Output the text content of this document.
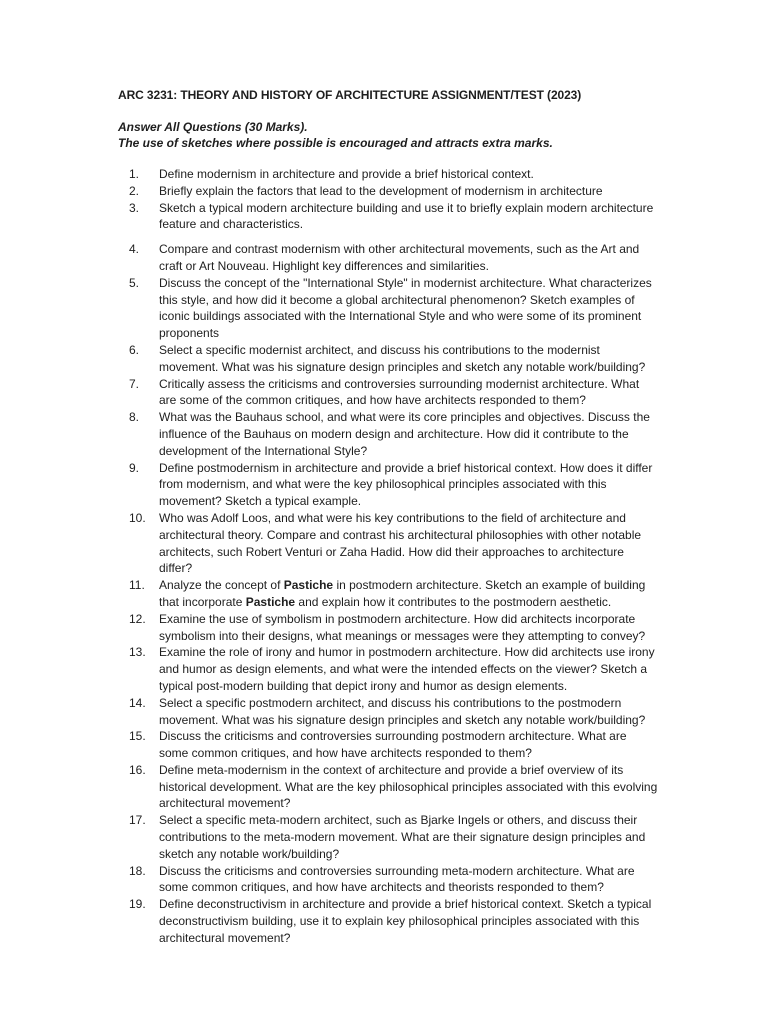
ARC 3231: THEORY AND HISTORY OF ARCHITECTURE ASSIGNMENT/TEST (2023)
Answer All Questions (30 Marks).
The use of sketches where possible is encouraged and attracts extra marks.
1.	Define modernism in architecture and provide a brief historical context.
2.	Briefly explain the factors that lead to the development of modernism in architecture
3.	Sketch a typical modern architecture building and use it to briefly explain modern architecture feature and characteristics.
4.	Compare and contrast modernism with other architectural movements, such as the Art and craft or Art Nouveau. Highlight key differences and similarities.
5.	Discuss the concept of the "International Style" in modernist architecture. What characterizes this style, and how did it become a global architectural phenomenon? Sketch examples of iconic buildings associated with the International Style and who were some of its prominent proponents
6.	Select a specific modernist architect, and discuss his contributions to the modernist movement. What was his signature design principles and sketch any notable work/building?
7.	Critically assess the criticisms and controversies surrounding modernist architecture. What are some of the common critiques, and how have architects responded to them?
8.	What was the Bauhaus school, and what were its core principles and objectives. Discuss the influence of the Bauhaus on modern design and architecture. How did it contribute to the development of the International Style?
9.	Define postmodernism in architecture and provide a brief historical context. How does it differ from modernism, and what were the key philosophical principles associated with this movement? Sketch a typical example.
10.	Who was Adolf Loos, and what were his key contributions to the field of architecture and architectural theory. Compare and contrast his architectural philosophies with other notable architects, such Robert Venturi or Zaha Hadid. How did their approaches to architecture differ?
11.	Analyze the concept of Pastiche in postmodern architecture. Sketch an example of building that incorporate Pastiche and explain how it contributes to the postmodern aesthetic.
12.	Examine the use of symbolism in postmodern architecture. How did architects incorporate symbolism into their designs, what meanings or messages were they attempting to convey?
13.	Examine the role of irony and humor in postmodern architecture. How did architects use irony and humor as design elements, and what were the intended effects on the viewer? Sketch a typical post-modern building that depict irony and humor as design elements.
14.	Select a specific postmodern architect, and discuss his contributions to the postmodern movement. What was his signature design principles and sketch any notable work/building?
15.	Discuss the criticisms and controversies surrounding postmodern architecture. What are some common critiques, and how have architects responded to them?
16.	Define meta-modernism in the context of architecture and provide a brief overview of its historical development. What are the key philosophical principles associated with this evolving architectural movement?
17.	Select a specific meta-modern architect, such as Bjarke Ingels or others, and discuss their contributions to the meta-modern movement. What are their signature design principles and sketch any notable work/building?
18.	Discuss the criticisms and controversies surrounding meta-modern architecture. What are some common critiques, and how have architects and theorists responded to them?
19.	Define deconstructivism in architecture and provide a brief historical context. Sketch a typical deconstructivism building, use it to explain key philosophical principles associated with this architectural movement?
